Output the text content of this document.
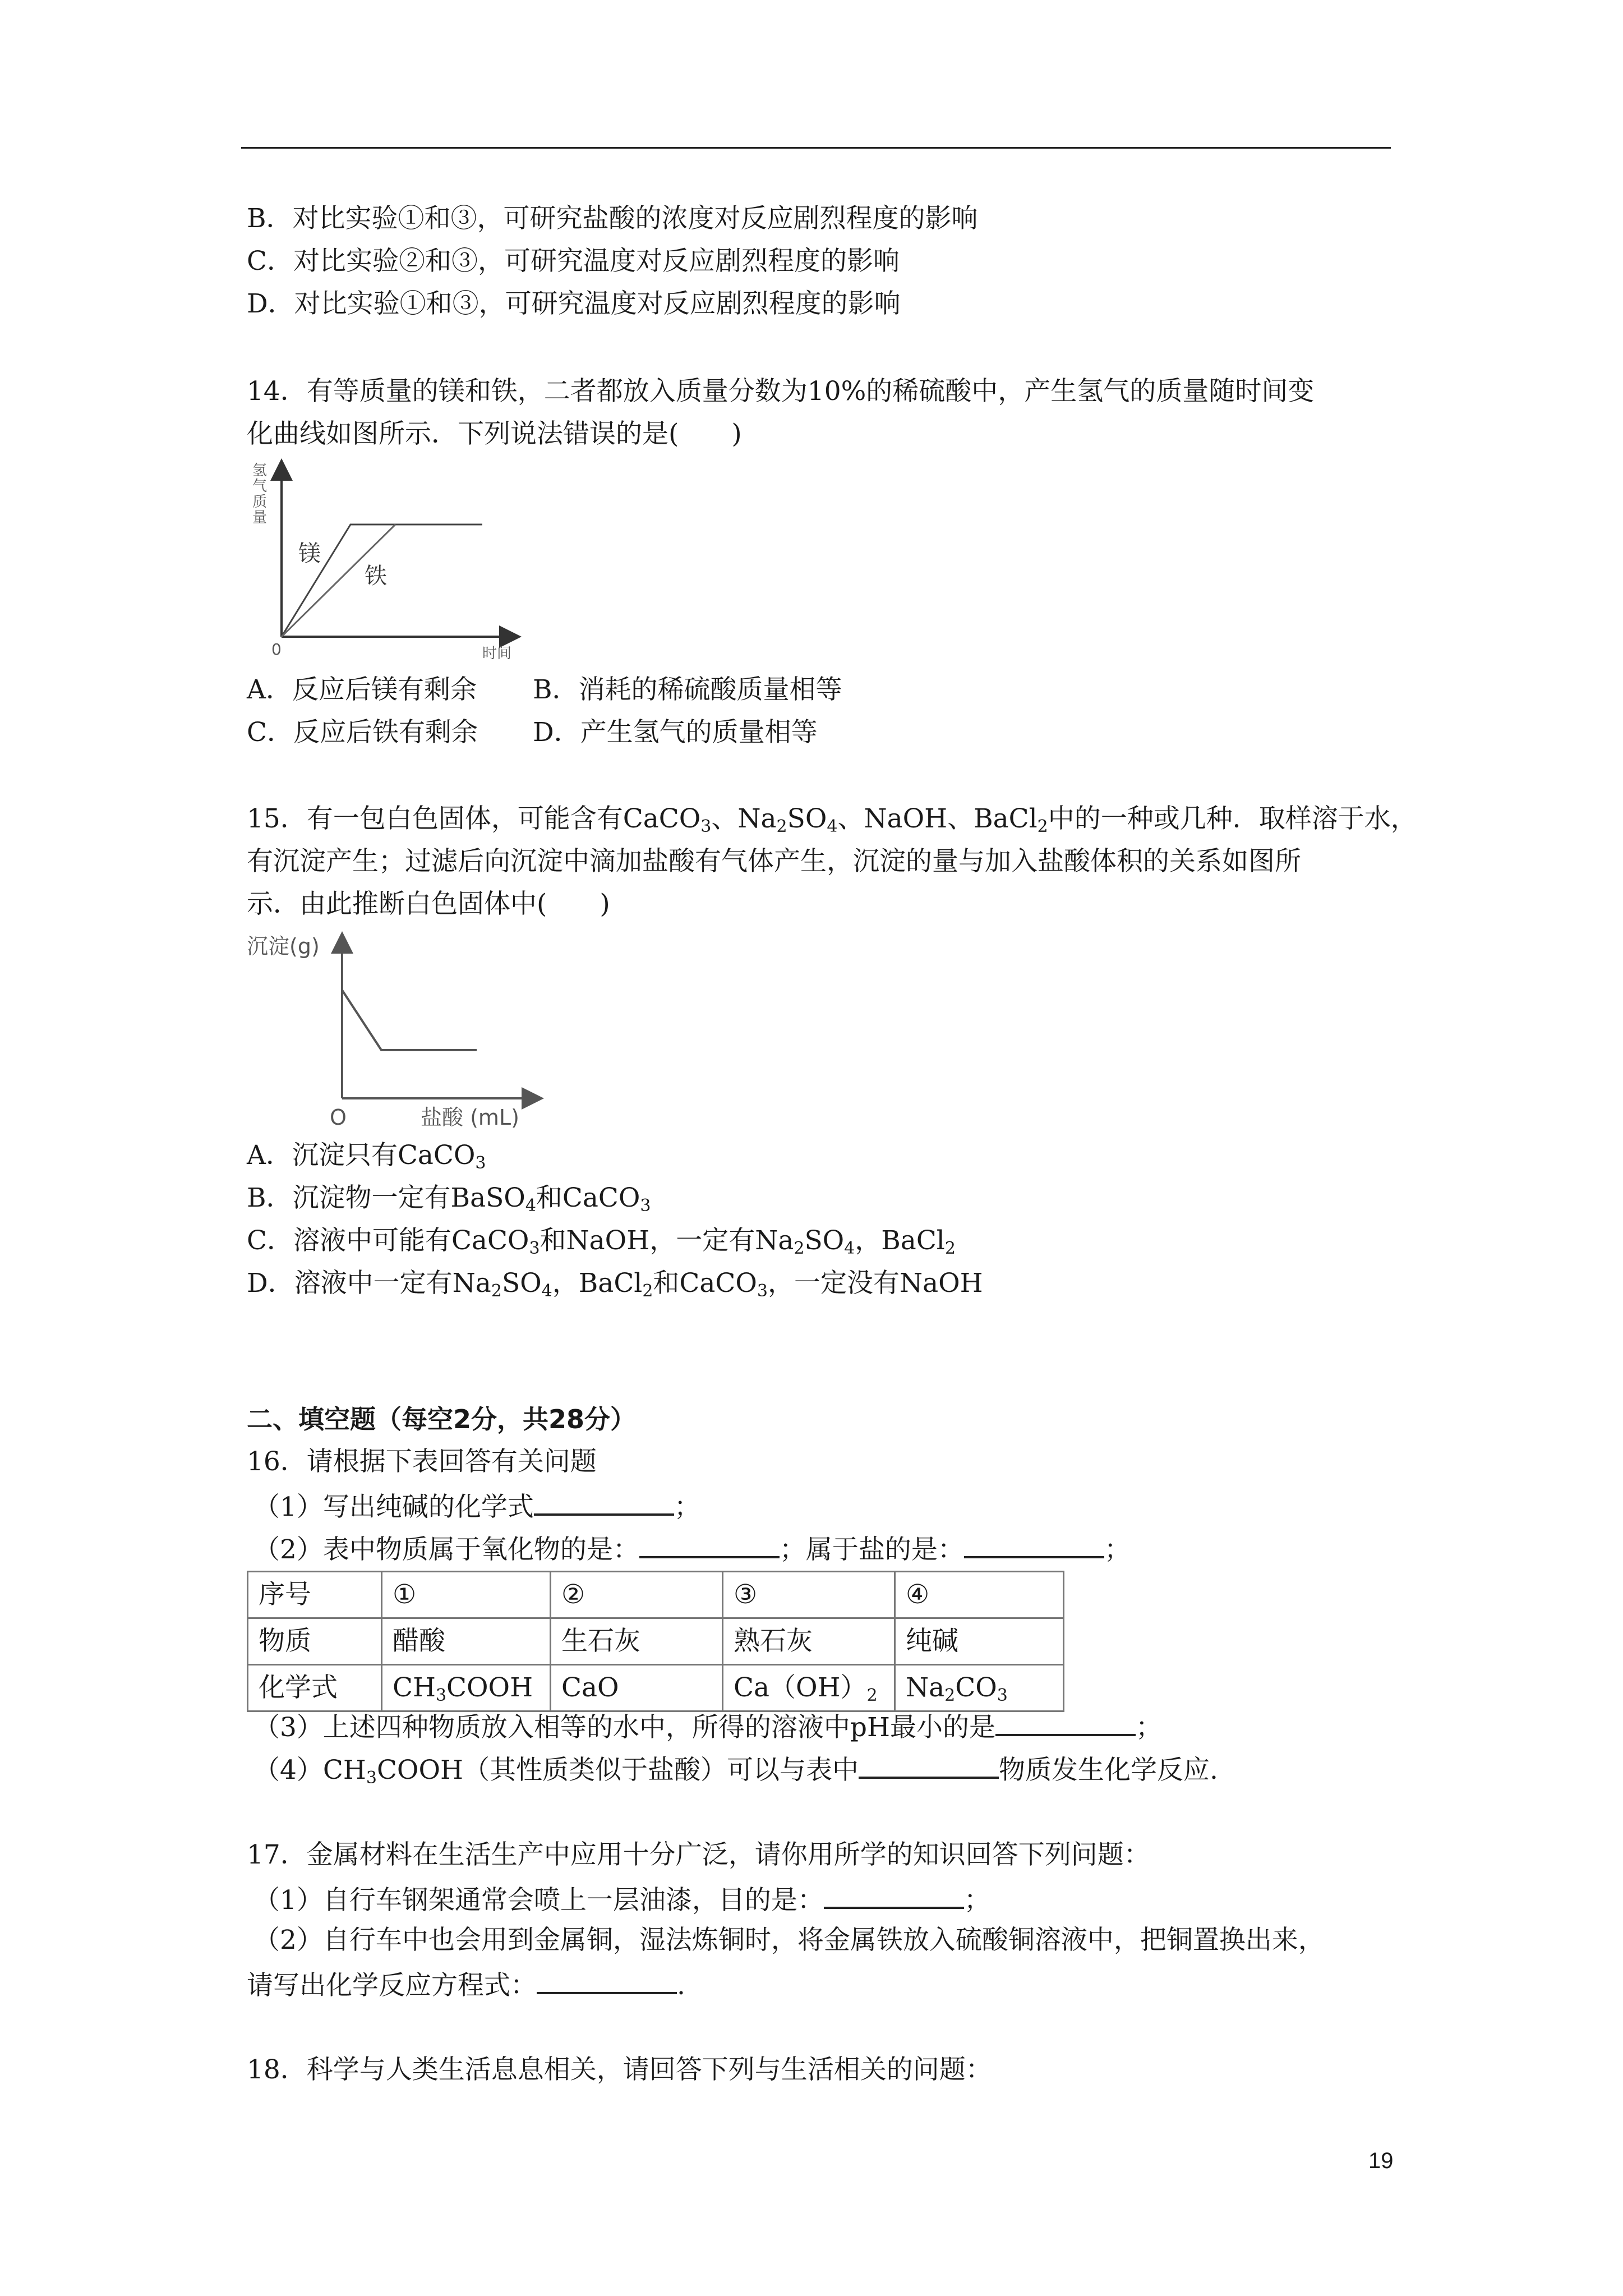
B．对比实验①和③，可研究盐酸的浓度对反应剧烈程度的影响
C．对比实验②和③，可研究温度对反应剧烈程度的影响
D．对比实验①和③，可研究温度对反应剧烈程度的影响
14．有等质量的镁和铁，二者都放入质量分数为10%的稀硫酸中，产生氢气的质量随时间变
化曲线如图所示．下列说法错误的是(　　)
氢
气
质
量
镁
铁
0	时间
A．反应后镁有剩余	B．消耗的稀硫酸质量相等
C．反应后铁有剩余 D．产生氢气的质量相等
15．有一包白色固体，可能含有CaCO$_3$、$Na_2SO_4$、NaOH、BaCl$_2$中的一种或几种．取样溶于水，
有沉淀产生；过滤后向沉淀中滴加盐酸有气体产生，沉淀的量与加入盐酸体积的关系如图所
示．由此推断白色固体中(　　)
沉淀(g)
O	盐酸 (mL)
A．沉淀只有CaCO$_3$
B．沉淀物一定有BaSO$_4$和CaCO$_3$
C．溶液中可能有CaCO$_3$和NaOH，一定有$Na_2SO_4$，BaCl$_2$
D．溶液中一定有$Na_2SO_4$，BaCl$_2$和CaCO$_3$，一定没有NaOH
二、填空题（每空2分，共28分）
16．请根据下表回答有关问题
（1）写出纯碱的化学式	；
（2）表中物质属于氧化物的是：	；属于盐的是：	；
序号	①	②	③	④
物质	醋酸	生石灰	熟石灰	纯碱
化学式	$CH_3COOH$	CaO	$Ca(OH)_2$	$Na_2CO_3$
（3）上述四种物质放入相等的水中，所得的溶液中pH最小的是	；
$(4)CH_3COOH$（其性质类似于盐酸）可以与表中	物质发生化学反应.
17．金属材料在生活生产中应用十分广泛，请你用所学的知识回答下列问题：
（1）自行车钢架通常会喷上一层油漆，目的是：	；
（2）自行车中也会用到金属铜，湿法炼铜时，将金属铁放入硫酸铜溶液中，把铜置换出来，
请写出化学反应方程式：	.
18．科学与人类生活息息相关，请回答下列与生活相关的问题：
19
